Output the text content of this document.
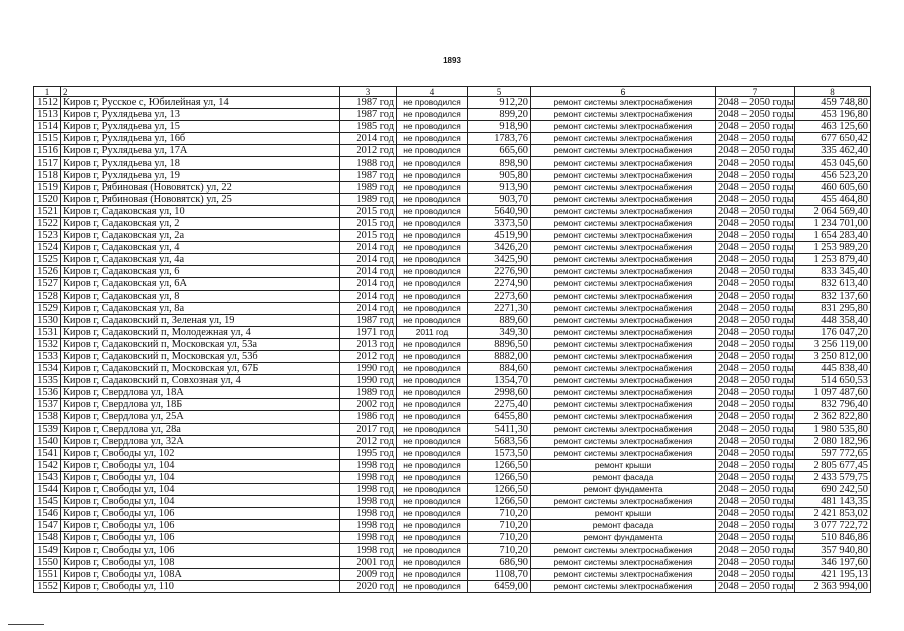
1893
1	2	3	4	5	6	7	8
1512	Киров г, Русское с, Юбилейная ул, 14	1987 год	не проводился	912,20	ремонт системы электроснабжения	2048 – 2050 годы	459 748,80
1513	Киров г, Рухлядьева ул, 13	1987 год	не проводился	899,20	ремонт системы электроснабжения	2048 – 2050 годы	453 196,80
1514	Киров г, Рухлядьева ул, 15	1985 год	не проводился	918,90	ремонт системы электроснабжения	2048 – 2050 годы	463 125,60
1515	Киров г, Рухлядьева ул, 16б	2014 год	не проводился	1783,76	ремонт системы электроснабжения	2048 – 2050 годы	677 650,42
1516	Киров г, Рухлядьева ул, 17А	2012 год	не проводился	665,60	ремонт системы электроснабжения	2048 – 2050 годы	335 462,40
1517	Киров г, Рухлядьева ул, 18	1988 год	не проводился	898,90	ремонт системы электроснабжения	2048 – 2050 годы	453 045,60
1518	Киров г, Рухлядьева ул, 19	1987 год	не проводился	905,80	ремонт системы электроснабжения	2048 – 2050 годы	456 523,20
1519	Киров г, Рябиновая (Нововятск) ул, 22	1989 год	не проводился	913,90	ремонт системы электроснабжения	2048 – 2050 годы	460 605,60
1520	Киров г, Рябиновая (Нововятск) ул, 25	1989 год	не проводился	903,70	ремонт системы электроснабжения	2048 – 2050 годы	455 464,80
1521	Киров г, Садаковская ул, 10	2015 год	не проводился	5640,90	ремонт системы электроснабжения	2048 – 2050 годы	2 064 569,40
1522	Киров г, Садаковская ул, 2	2015 год	не проводился	3373,50	ремонт системы электроснабжения	2048 – 2050 годы	1 234 701,00
1523	Киров г, Садаковская ул, 2а	2015 год	не проводился	4519,90	ремонт системы электроснабжения	2048 – 2050 годы	1 654 283,40
1524	Киров г, Садаковская ул, 4	2014 год	не проводился	3426,20	ремонт системы электроснабжения	2048 – 2050 годы	1 253 989,20
1525	Киров г, Садаковская ул, 4а	2014 год	не проводился	3425,90	ремонт системы электроснабжения	2048 – 2050 годы	1 253 879,40
1526	Киров г, Садаковская ул, 6	2014 год	не проводился	2276,90	ремонт системы электроснабжения	2048 – 2050 годы	833 345,40
1527	Киров г, Садаковская ул, 6А	2014 год	не проводился	2274,90	ремонт системы электроснабжения	2048 – 2050 годы	832 613,40
1528	Киров г, Садаковская ул, 8	2014 год	не проводился	2273,60	ремонт системы электроснабжения	2048 – 2050 годы	832 137,60
1529	Киров г, Садаковская ул, 8а	2014 год	не проводился	2271,30	ремонт системы электроснабжения	2048 – 2050 годы	831 295,80
1530	Киров г, Садаковский п, Зеленая ул, 19	1987 год	не проводился	889,60	ремонт системы электроснабжения	2048 – 2050 годы	448 358,40
1531	Киров г, Садаковский п, Молодежная ул, 4	1971 год	2011 год	349,30	ремонт системы электроснабжения	2048 – 2050 годы	176 047,20
1532	Киров г, Садаковский п, Московская ул, 53а	2013 год	не проводился	8896,50	ремонт системы электроснабжения	2048 – 2050 годы	3 256 119,00
1533	Киров г, Садаковский п, Московская ул, 53б	2012 год	не проводился	8882,00	ремонт системы электроснабжения	2048 – 2050 годы	3 250 812,00
1534	Киров г, Садаковский п, Московская ул, 67Б	1990 год	не проводился	884,60	ремонт системы электроснабжения	2048 – 2050 годы	445 838,40
1535	Киров г, Садаковский п, Совхозная ул, 4	1990 год	не проводился	1354,70	ремонт системы электроснабжения	2048 – 2050 годы	514 650,53
1536	Киров г, Свердлова ул, 18А	1989 год	не проводился	2998,60	ремонт системы электроснабжения	2048 – 2050 годы	1 097 487,60
1537	Киров г, Свердлова ул, 18Б	2002 год	не проводился	2275,40	ремонт системы электроснабжения	2048 – 2050 годы	832 796,40
1538	Киров г, Свердлова ул, 25А	1986 год	не проводился	6455,80	ремонт системы электроснабжения	2048 – 2050 годы	2 362 822,80
1539	Киров г, Свердлова ул, 28а	2017 год	не проводился	5411,30	ремонт системы электроснабжения	2048 – 2050 годы	1 980 535,80
1540	Киров г, Свердлова ул, 32А	2012 год	не проводился	5683,56	ремонт системы электроснабжения	2048 – 2050 годы	2 080 182,96
1541	Киров г, Свободы ул, 102	1995 год	не проводился	1573,50	ремонт системы электроснабжения	2048 – 2050 годы	597 772,65
1542	Киров г, Свободы ул, 104	1998 год	не проводился	1266,50	ремонт крыши	2048 – 2050 годы	2 805 677,45
1543	Киров г, Свободы ул, 104	1998 год	не проводился	1266,50	ремонт фасада	2048 – 2050 годы	2 433 579,75
1544	Киров г, Свободы ул, 104	1998 год	не проводился	1266,50	ремонт фундамента	2048 – 2050 годы	690 242,50
1545	Киров г, Свободы ул, 104	1998 год	не проводился	1266,50	ремонт системы электроснабжения	2048 – 2050 годы	481 143,35
1546	Киров г, Свободы ул, 106	1998 год	не проводился	710,20	ремонт крыши	2048 – 2050 годы	2 421 853,02
1547	Киров г, Свободы ул, 106	1998 год	не проводился	710,20	ремонт фасада	2048 – 2050 годы	3 077 722,72
1548	Киров г, Свободы ул, 106	1998 год	не проводился	710,20	ремонт фундамента	2048 – 2050 годы	510 846,86
1549	Киров г, Свободы ул, 106	1998 год	не проводился	710,20	ремонт системы электроснабжения	2048 – 2050 годы	357 940,80
1550	Киров г, Свободы ул, 108	2001 год	не проводился	686,90	ремонт системы электроснабжения	2048 – 2050 годы	346 197,60
1551	Киров г, Свободы ул, 108А	2009 год	не проводился	1108,70	ремонт системы электроснабжения	2048 – 2050 годы	421 195,13
1552	Киров г, Свободы ул, 110	2020 год	не проводился	6459,00	ремонт системы электроснабжения	2048 – 2050 годы	2 363 994,00
